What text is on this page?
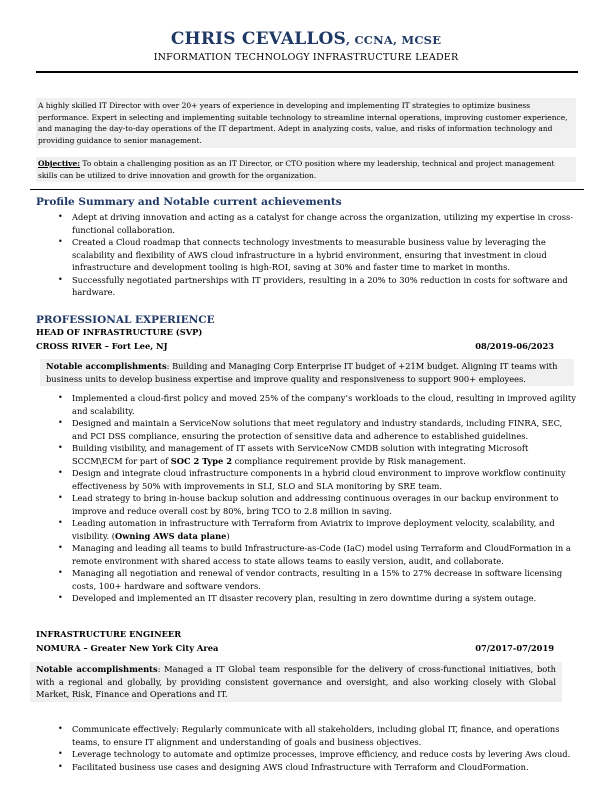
CHRIS CEVALLOS, CCNA, MCSE
INFORMATION TECHNOLOGY INFRASTRUCTURE LEADER
A highly skilled IT Director with over 20+ years of experience in developing and implementing IT strategies to optimize business performance. Expert in selecting and implementing suitable technology to streamline internal operations, improving customer experience, and managing the day-to-day operations of the IT department. Adept in analyzing costs, value, and risks of information technology and providing guidance to senior management.
Objective: To obtain a challenging position as an IT Director, or CTO position where my leadership, technical and project management skills can be utilized to drive innovation and growth for the organization.
Profile Summary and Notable current achievements
• Adept at driving innovation and acting as a catalyst for change across the organization, utilizing my expertise in cross-functional collaboration.
• Created a Cloud roadmap that connects technology investments to measurable business value by leveraging the scalability and flexibility of AWS cloud infrastructure in a hybrid environment, ensuring that investment in cloud infrastructure and development tooling is high-ROI, saving at 30% and faster time to market in months.
• Successfully negotiated partnerships with IT providers, resulting in a 20% to 30% reduction in costs for software and hardware.
PROFESSIONAL EXPERIENCE
HEAD OF INFRASTRUCTURE (SVP)
CROSS RIVER – Fort Lee, NJ	08/2019-06/2023
Notable accomplishments: Building and Managing Corp Enterprise IT budget of +21M budget. Aligning IT teams with business units to develop business expertise and improve quality and responsiveness to support 900+ employees.
• Implemented a cloud-first policy and moved 25% of the company’s workloads to the cloud, resulting in improved agility and scalability.
• Designed and maintain a ServiceNow solutions that meet regulatory and industry standards, including FINRA, SEC, and PCI DSS compliance, ensuring the protection of sensitive data and adherence to established guidelines.
• Building visibility, and management of IT assets with ServiceNow CMDB solution with integrating Microsoft SCCM\ECM for part of SOC 2 Type 2 compliance requirement provide by Risk management.
• Design and integrate cloud infrastructure components in a hybrid cloud environment to improve workflow continuity effectiveness by 50% with improvements in SLI, SLO and SLA monitoring by SRE team.
• Lead strategy to bring in-house backup solution and addressing continuous overages in our backup environment to improve and reduce overall cost by 80%, bring TCO to 2.8 million in saving.
• Leading automation in infrastructure with Terraform from Aviatrix to improve deployment velocity, scalability, and visibility. (Owning AWS data plane)
• Managing and leading all teams to build Infrastructure-as-Code (IaC) model using Terraform and CloudFormation in a remote environment with shared access to state allows teams to easily version, audit, and collaborate.
• Managing all negotiation and renewal of vendor contracts, resulting in a 15% to 27% decrease in software licensing costs, 100+ hardware and software vendors.
• Developed and implemented an IT disaster recovery plan, resulting in zero downtime during a system outage.
INFRASTRUCTURE ENGINEER
NOMURA – Greater New York City Area	07/2017-07/2019
Notable accomplishments: Managed a IT Global team responsible for the delivery of cross-functional initiatives, both with a regional and globally, by providing consistent governance and oversight, and also working closely with Global Market, Risk, Finance and Operations and IT.
• Communicate effectively: Regularly communicate with all stakeholders, including global IT, finance, and operations teams, to ensure IT alignment and understanding of goals and business objectives.
• Leverage technology to automate and optimize processes, improve efficiency, and reduce costs by levering Aws cloud.
• Facilitated business use cases and designing AWS cloud Infrastructure with Terraform and CloudFormation.
